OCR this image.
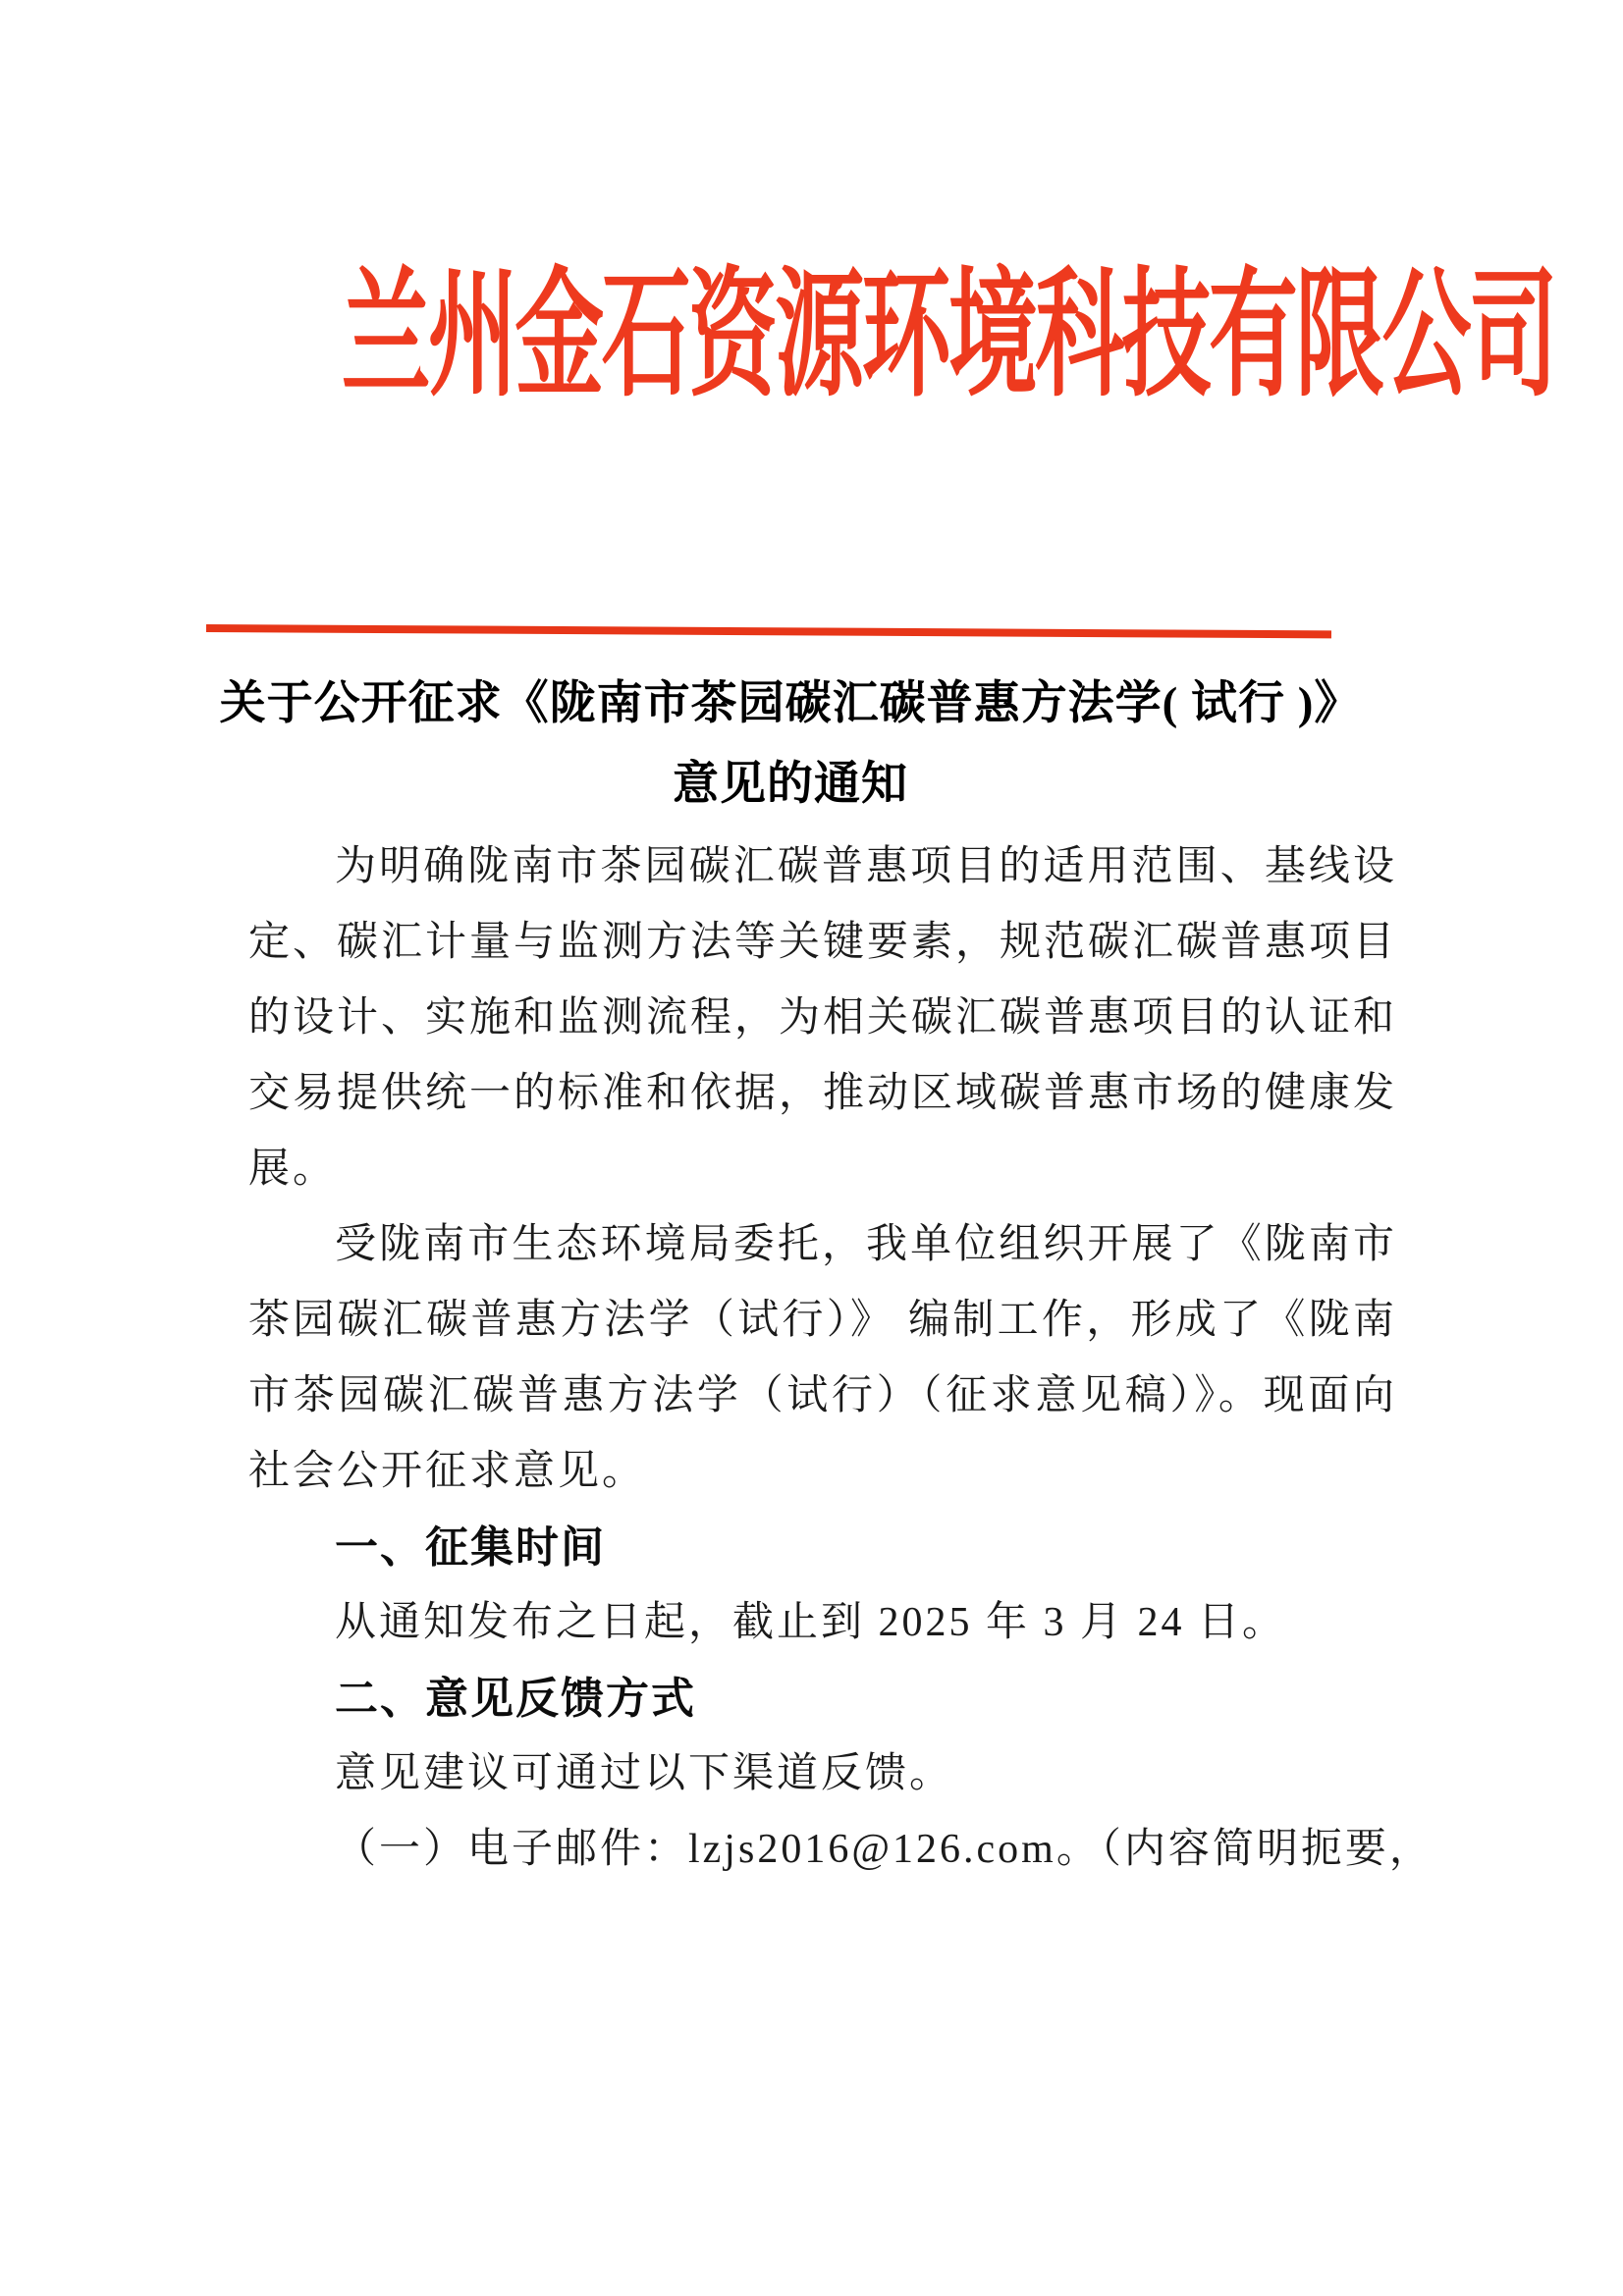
兰州金石资源环境科技有限公司
关于公开征求《陇南市茶园碳汇碳普惠方法学( 试行 )》
意见的通知

为明确陇南市茶园碳汇碳普惠项目的适用范围、基线设定、碳汇计量与监测方法等关键要素，规范碳汇碳普惠项目的设计、实施和监测流程，为相关碳汇碳普惠项目的认证和交易提供统一的标准和依据，推动区域碳普惠市场的健康发展。

受陇南市生态环境局委托，我单位组织开展了《陇南市茶园碳汇碳普惠方法学（试行）》 编制工作，形成了《陇南市茶园碳汇碳普惠方法学（试行）（征求意见稿）》。现面向社会公开征求意见。

一、征集时间

从通知发布之日起，截止到 2025 年 3 月 24 日。

二、意见反馈方式

意见建议可通过以下渠道反馈。

（一）电子邮件：lzjs2016@126.com。（内容简明扼要，
